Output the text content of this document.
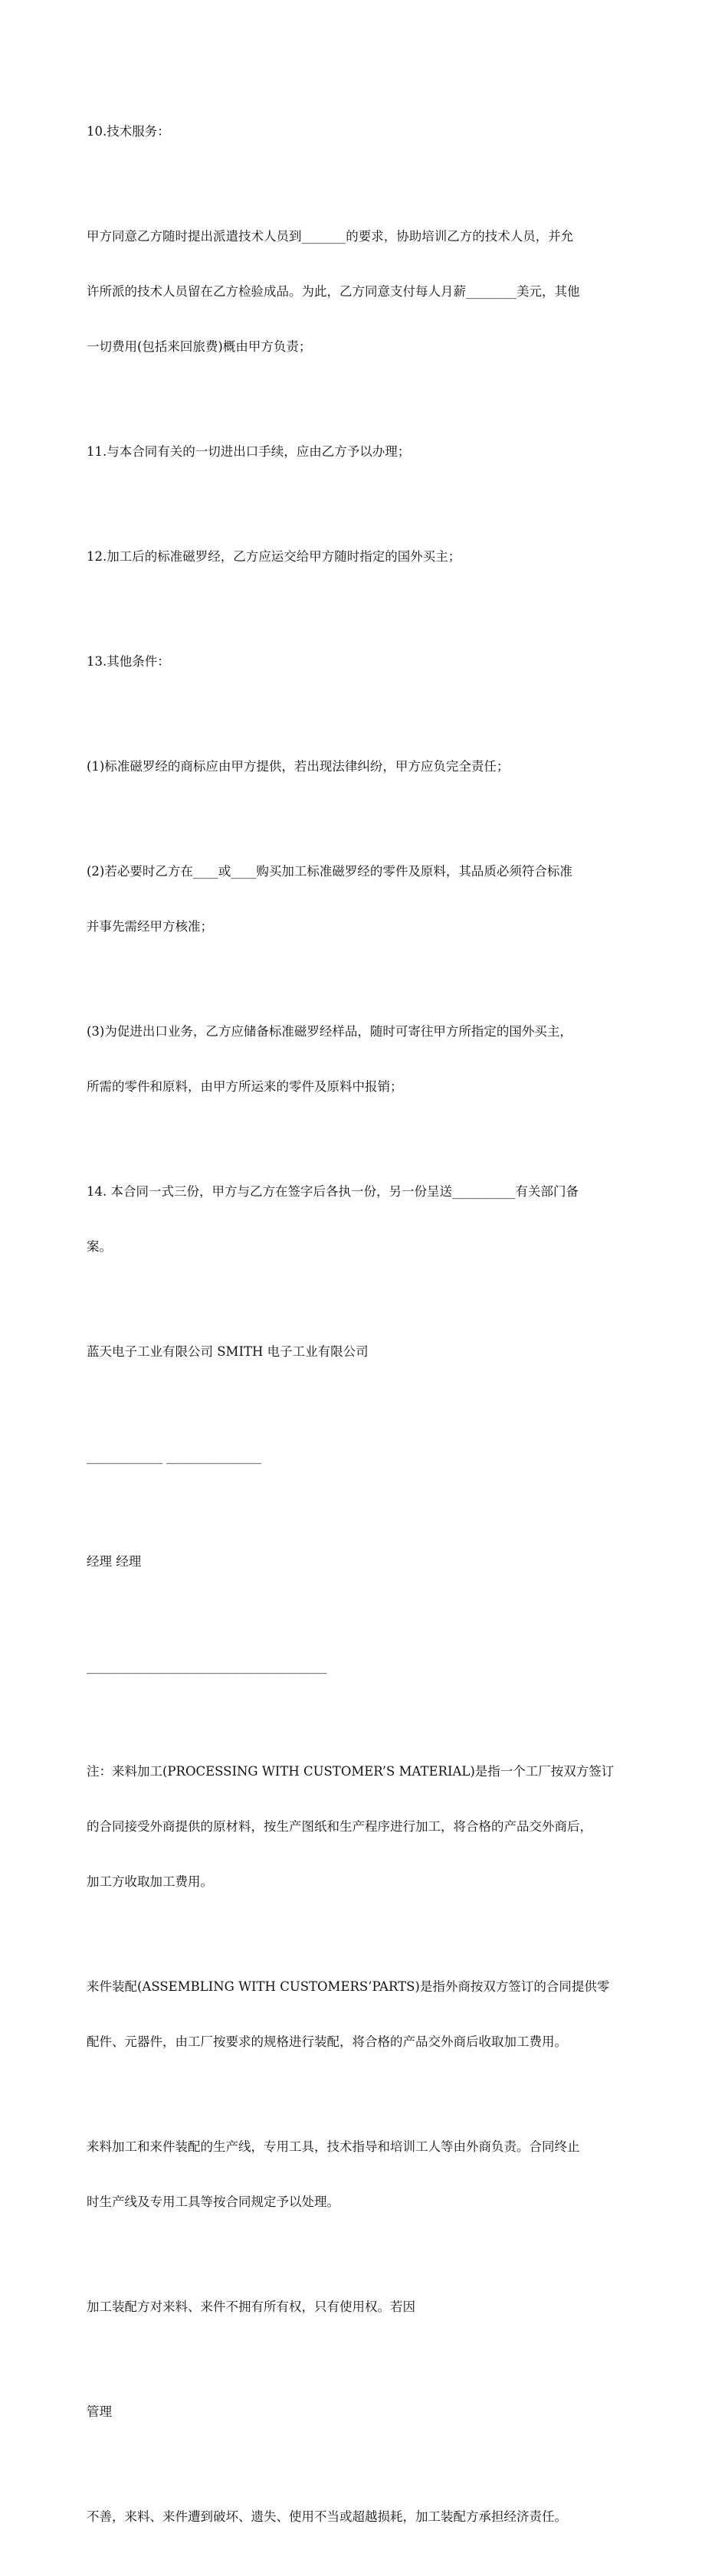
10.技术服务：

甲方同意乙方随时提出派遣技术人员到_______的要求，协助培训乙方的技术人员，并允

许所派的技术人员留在乙方检验成品。为此，乙方同意支付每人月薪________美元，其他

一切费用(包括来回旅费)概由甲方负责；

11.与本合同有关的一切进出口手续，应由乙方予以办理；

12.加工后的标准磁罗经，乙方应运交给甲方随时指定的国外买主；

13.其他条件：

(1)标准磁罗经的商标应由甲方提供，若出现法律纠纷，甲方应负完全责任；

(2)若必要时乙方在____或____购买加工标准磁罗经的零件及原料，其品质必须符合标准

并事先需经甲方核准；

(3)为促进出口业务，乙方应储备标准磁罗经样品，随时可寄往甲方所指定的国外买主，

所需的零件和原料，由甲方所运来的零件及原料中报销；

14. 本合同一式三份，甲方与乙方在签字后各执一份，另一份呈送__________有关部门备

案。

蓝天电子工业有限公司 SMITH 电子工业有限公司

____________ _______________

经理 经理

______________________________________

注：来料加工(PROCESSING WITH CUSTOMER’S MATERIAL)是指一个工厂按双方签订

的合同接受外商提供的原材料，按生产图纸和生产程序进行加工，将合格的产品交外商后，

加工方收取加工费用。

来件装配(ASSEMBLING WITH CUSTOMERS’PARTS)是指外商按双方签订的合同提供零

配件、元器件，由工厂按要求的规格进行装配，将合格的产品交外商后收取加工费用。

来料加工和来件装配的生产线，专用工具，技术指导和培训工人等由外商负责。合同终止

时生产线及专用工具等按合同规定予以处理。

加工装配方对来料、来件不拥有所有权，只有使用权。若因

管理

不善，来料、来件遭到破坏、遗失、使用不当或超越损耗，加工装配方承担经济责任。
